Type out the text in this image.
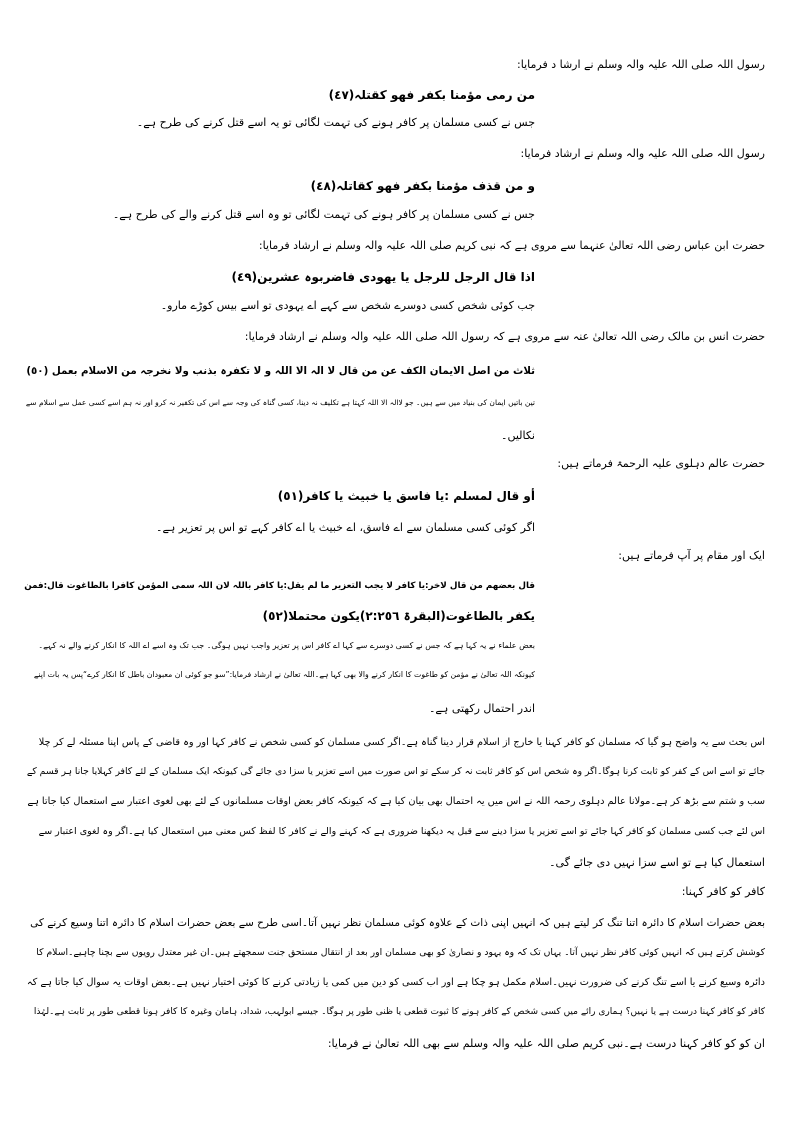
رسول اللہ صلی اللہ علیہ والہ وسلم نے ارشا د فرمایا:
من رمی مؤمنا بکفر فھو کقتلہ(٤٧)
جس نے کسی مسلمان پر کافر ہونے کی تہمت لگائی تو یہ اسے قتل کرنے کی طرح ہے۔
رسول اللہ صلی اللہ علیہ والہ وسلم نے ارشاد فرمایا:
و من قذف مؤمنا بکفر فھو کقاتلہ(٤٨)
جس نے کسی مسلمان پر کافر ہونے کی تہمت لگائی تو وہ اسے قتل کرنے والے کی طرح ہے۔
حضرت ابن عباس رضی اللہ تعالیٰ عنہما سے مروی ہے کہ نبی کریم صلی اللہ علیہ والہ وسلم نے ارشاد فرمایا:
اذا قال الرجل للرجل یا یھودی فاضربوہ عشرین(٤٩)
جب کوئی شخص کسی دوسرے شخص سے کہے اے یہودی تو اسے بیس کوڑے مارو۔
حضرت انس بن مالک رضی اللہ تعالیٰ عنہ سے مروی ہے کہ رسول اللہ صلی اللہ علیہ والہ وسلم نے ارشاد فرمایا:
ثلاث من اصل الایمان الکف عن من قال لا الہ الا اللہ و لا تکفرہ بذنب ولا نخرجہ من الاسلام بعمل (٥٠)
تین باتیں ایمان کی بنیاد میں سے ہیں۔ جو لاالہ الا اللہ کہتا ہے تکلیف نہ دینا، کسی گناہ کی وجہ سے اس کی تکفیر نہ کرو اور نہ ہم اسے کسی عمل سے اسلام سے
نکالیں۔
حضرت عالم دہلوی علیہ الرحمۃ فرماتے ہیں:
أو قال لمسلم :یا فاسق یا خبیث یا کافر(٥١)
اگر کوئی کسی مسلمان سے اے فاسق، اے خبیث یا اے کافر کہے تو اس پر تعزیر ہے۔
ایک اور مقام پر آپ فرماتے ہیں:
قال بعضھم من قال لاخر:یا کافر لا یجب التعزیر ما لم یقل:یا کافر باللہ لان اللہ سمی المؤمن کافرا بالطاغوت قال:فمن
یکفر بالطاغوت(البقرۃ ٢:٢٥٦)یکون محتملا(٥٢)
بعض علماء نے یہ کہا ہے کہ جس نے کسی دوسرے سے کہا اے کافر اس پر تعزیر واجب نہیں ہوگی۔ جب تک وہ اسے اے اللہ کا انکار کرنے والے نہ کہے۔
کیونکہ اللہ تعالیٰ نے مؤمن کو طاغوت کا انکار کرنے والا بھی کہا ہے۔اللہ تعالیٰ نے ارشاد فرمایا:”سو جو کوئی ان معبودان باطل کا انکار کرے“پس یہ بات اپنے
اندر احتمال رکھتی ہے۔
اس بحث سے یہ واضح ہو گیا کہ مسلمان کو کافر کہنا یا خارج از اسلام قرار دینا گناہ ہے۔اگر کسی مسلمان کو کسی شخص نے کافر کہا اور وہ قاضی کے پاس اپنا مسئلہ لے کر چلا
جائے تو اسے اس کے کفر کو ثابت کرنا ہوگا۔اگر وہ شخص اس کو کافر ثابت نہ کر سکے تو اس صورت میں اسے تعزیر یا سزا دی جائے گی کیونکہ ایک مسلمان کے لئے کافر کہلایا جانا ہر قسم کے
سب و شتم سے بڑھ کر ہے۔مولانا عالم دہلوی رحمہ اللہ نے اس میں یہ احتمال بھی بیان کیا ہے کہ کیونکہ کافر بعض اوقات مسلمانوں کے لئے بھی لغوی اعتبار سے استعمال کیا جاتا ہے
اس لئے جب کسی مسلمان کو کافر کہا جائے تو اسے تعزیر یا سزا دینے سے قبل یہ دیکھنا ضروری ہے کہ کہنے والے نے کافر کا لفظ کس معنی میں استعمال کیا ہے۔اگر وہ لغوی اعتبار سے
استعمال کیا ہے تو اسے سزا نہیں دی جائے گی۔
کافر کو کافر کہنا:
بعض حضرات اسلام کا دائرہ اتنا تنگ کر لیتے ہیں کہ انہیں اپنی ذات کے علاوہ کوئی مسلمان نظر نہیں آتا۔اسی طرح سے بعض حضرات اسلام کا دائرہ اتنا وسیع کرنے کی
کوشش کرتے ہیں کہ انہیں کوئی کافر نظر نہیں آتا۔ یہاں تک کہ وہ یہود و نصاریٰ کو بھی مسلمان اور بعد از انتقال مستحق جنت سمجھتے ہیں۔ان غیر معتدل رویوں سے بچنا چاہیے۔اسلام کا
دائرہ وسیع کرنے یا اسے تنگ کرنے کی ضرورت نہیں۔اسلام مکمل ہو چکا ہے اور اب کسی کو دین میں کمی یا زیادتی کرنے کا کوئی اختیار نہیں ہے۔بعض اوقات یہ سوال کیا جاتا ہے کہ
کافر کو کافر کہنا درست ہے یا نہیں؟ ہماری رائے میں کسی شخص کے کافر ہونے کا ثبوت قطعی یا ظنی طور پر ہوگا۔ جیسے ابولہب، شداد، ہامان وغیرہ کا کافر ہونا قطعی طور پر ثابت ہے۔لہٰذا
ان کو کو کافر کہنا درست ہے۔نبی کریم صلی اللہ علیہ والہ وسلم سے بھی اللہ تعالیٰ نے فرمایا:
